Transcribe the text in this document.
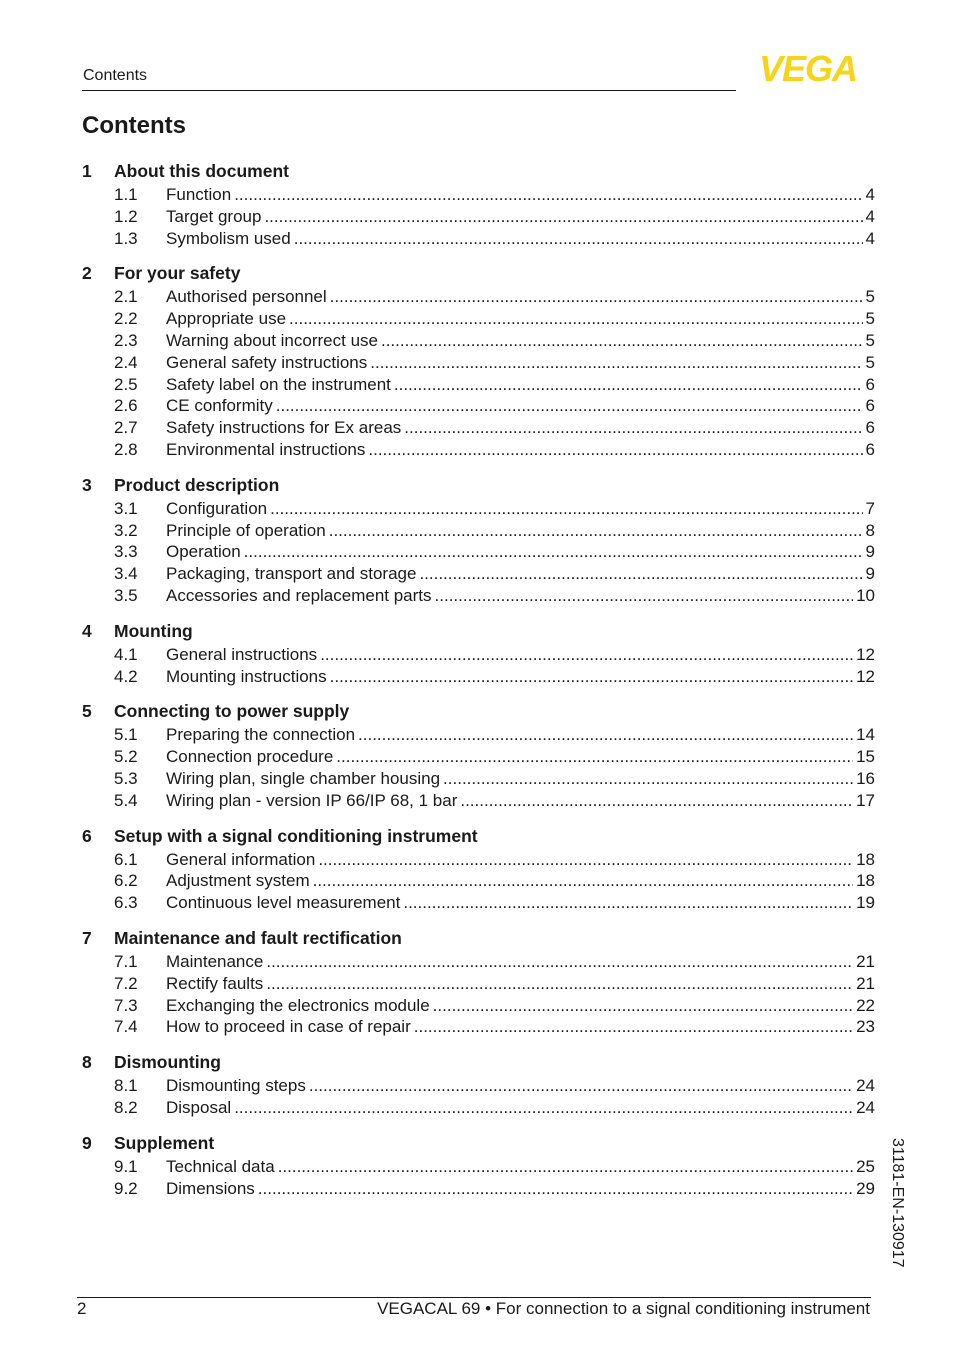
Contents	VEGA
Contents
1	About this document
1.1	Function .....	4
1.2	Target group .....	4
1.3	Symbolism used .....	4
2	For your safety
2.1	Authorised personnel .....	5
2.2	Appropriate use .....	5
2.3	Warning about incorrect use .....	5
2.4	General safety instructions .....	5
2.5	Safety label on the instrument .....	6
2.6	CE conformity .....	6
2.7	Safety instructions for Ex areas .....	6
2.8	Environmental instructions .....	6
3	Product description
3.1	Configuration .....	7
3.2	Principle of operation .....	8
3.3	Operation .....	9
3.4	Packaging, transport and storage .....	9
3.5	Accessories and replacement parts .....	10
4	Mounting
4.1	General instructions .....	12
4.2	Mounting instructions .....	12
5	Connecting to power supply
5.1	Preparing the connection .....	14
5.2	Connection procedure .....	15
5.3	Wiring plan, single chamber housing .....	16
5.4	Wiring plan - version IP 66/IP 68, 1 bar .....	17
6	Setup with a signal conditioning instrument
6.1	General information .....	18
6.2	Adjustment system .....	18
6.3	Continuous level measurement .....	19
7	Maintenance and fault rectification
7.1	Maintenance .....	21
7.2	Rectify faults .....	21
7.3	Exchanging the electronics module .....	22
7.4	How to proceed in case of repair .....	23
8	Dismounting
8.1	Dismounting steps .....	24
8.2	Disposal .....	24
9	Supplement
9.1	Technical data .....	25
9.2	Dimensions .....	29 31181-EN-130917
2	VEGACAL 69 • For connection to a signal conditioning instrument
